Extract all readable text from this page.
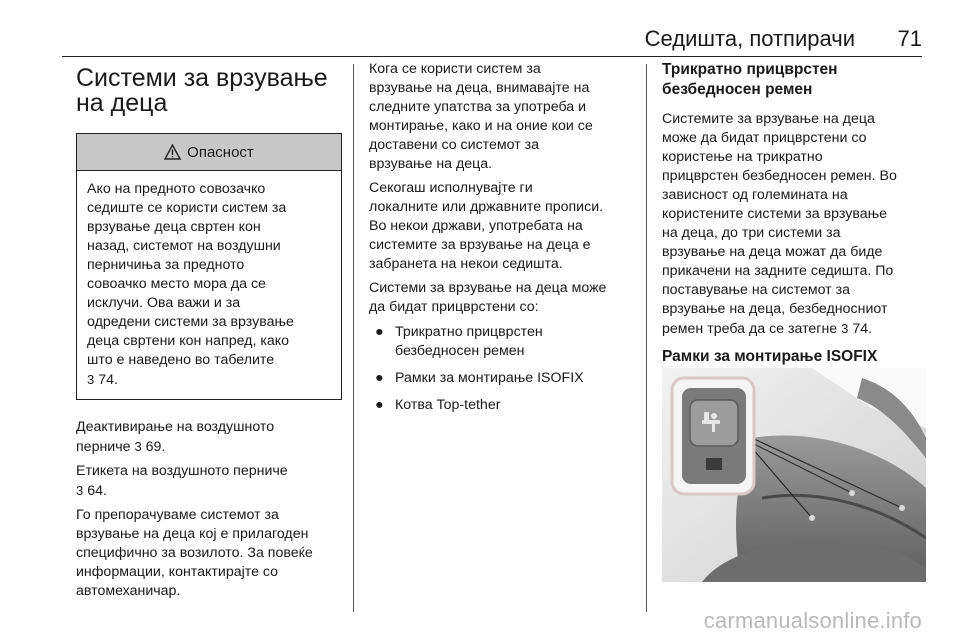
Седишта, потпирачи 71
Системи за врзување
на деца
Опасност
Ако на предното совозачко
седиште се користи систем за
врзување деца свртен кон
назад, системот на воздушни
перничиња за предното
совоачко место мора да се
исклучи. Ова важи и за
одредени системи за врзување
деца свртени кон напред, како
што е наведено во табелите
3 74.

Деактивирање на воздушното
перниче 3 69.

Етикета на воздушното перниче
3 64.

Го препорачуваме системот за
врзување на деца кој е прилагоден
специфично за возилото. За повеќе
информации, контактирајте со
автомеханичар.

Кога се користи систем за
врзување на деца, внимавајте на
следните упатства за употреба и
монтирање, како и на оние кои се
доставени со системот за
врзување на деца.

Секогаш исполнувајте ги
локалните или државните прописи.
Во некои држави, употребата на
системите за врзување на деца е
забранета на некои седишта.

Системи за врзување на деца може
да бидат прицврстени со:

● Трикратно прицврстен
безбедносен ремен
● Рамки за монтирање ISOFIX
● Котва Top-tether
Трикратно прицврстен
безбедносен ремен

Системите за врзување на деца
може да бидат прицврстени со
користење на трикратно
прицврстен безбедносен ремен. Во
зависност од големината на
користените системи за врзување
на деца, до три системи за
врзување на деца можат да биде
прикачени на задните седишта. По
поставување на системот за
врзување на деца, безбедносниот
ремен треба да се затегне 3 74.

Рамки за монтирање ISOFIX
carmanualsonline.info
